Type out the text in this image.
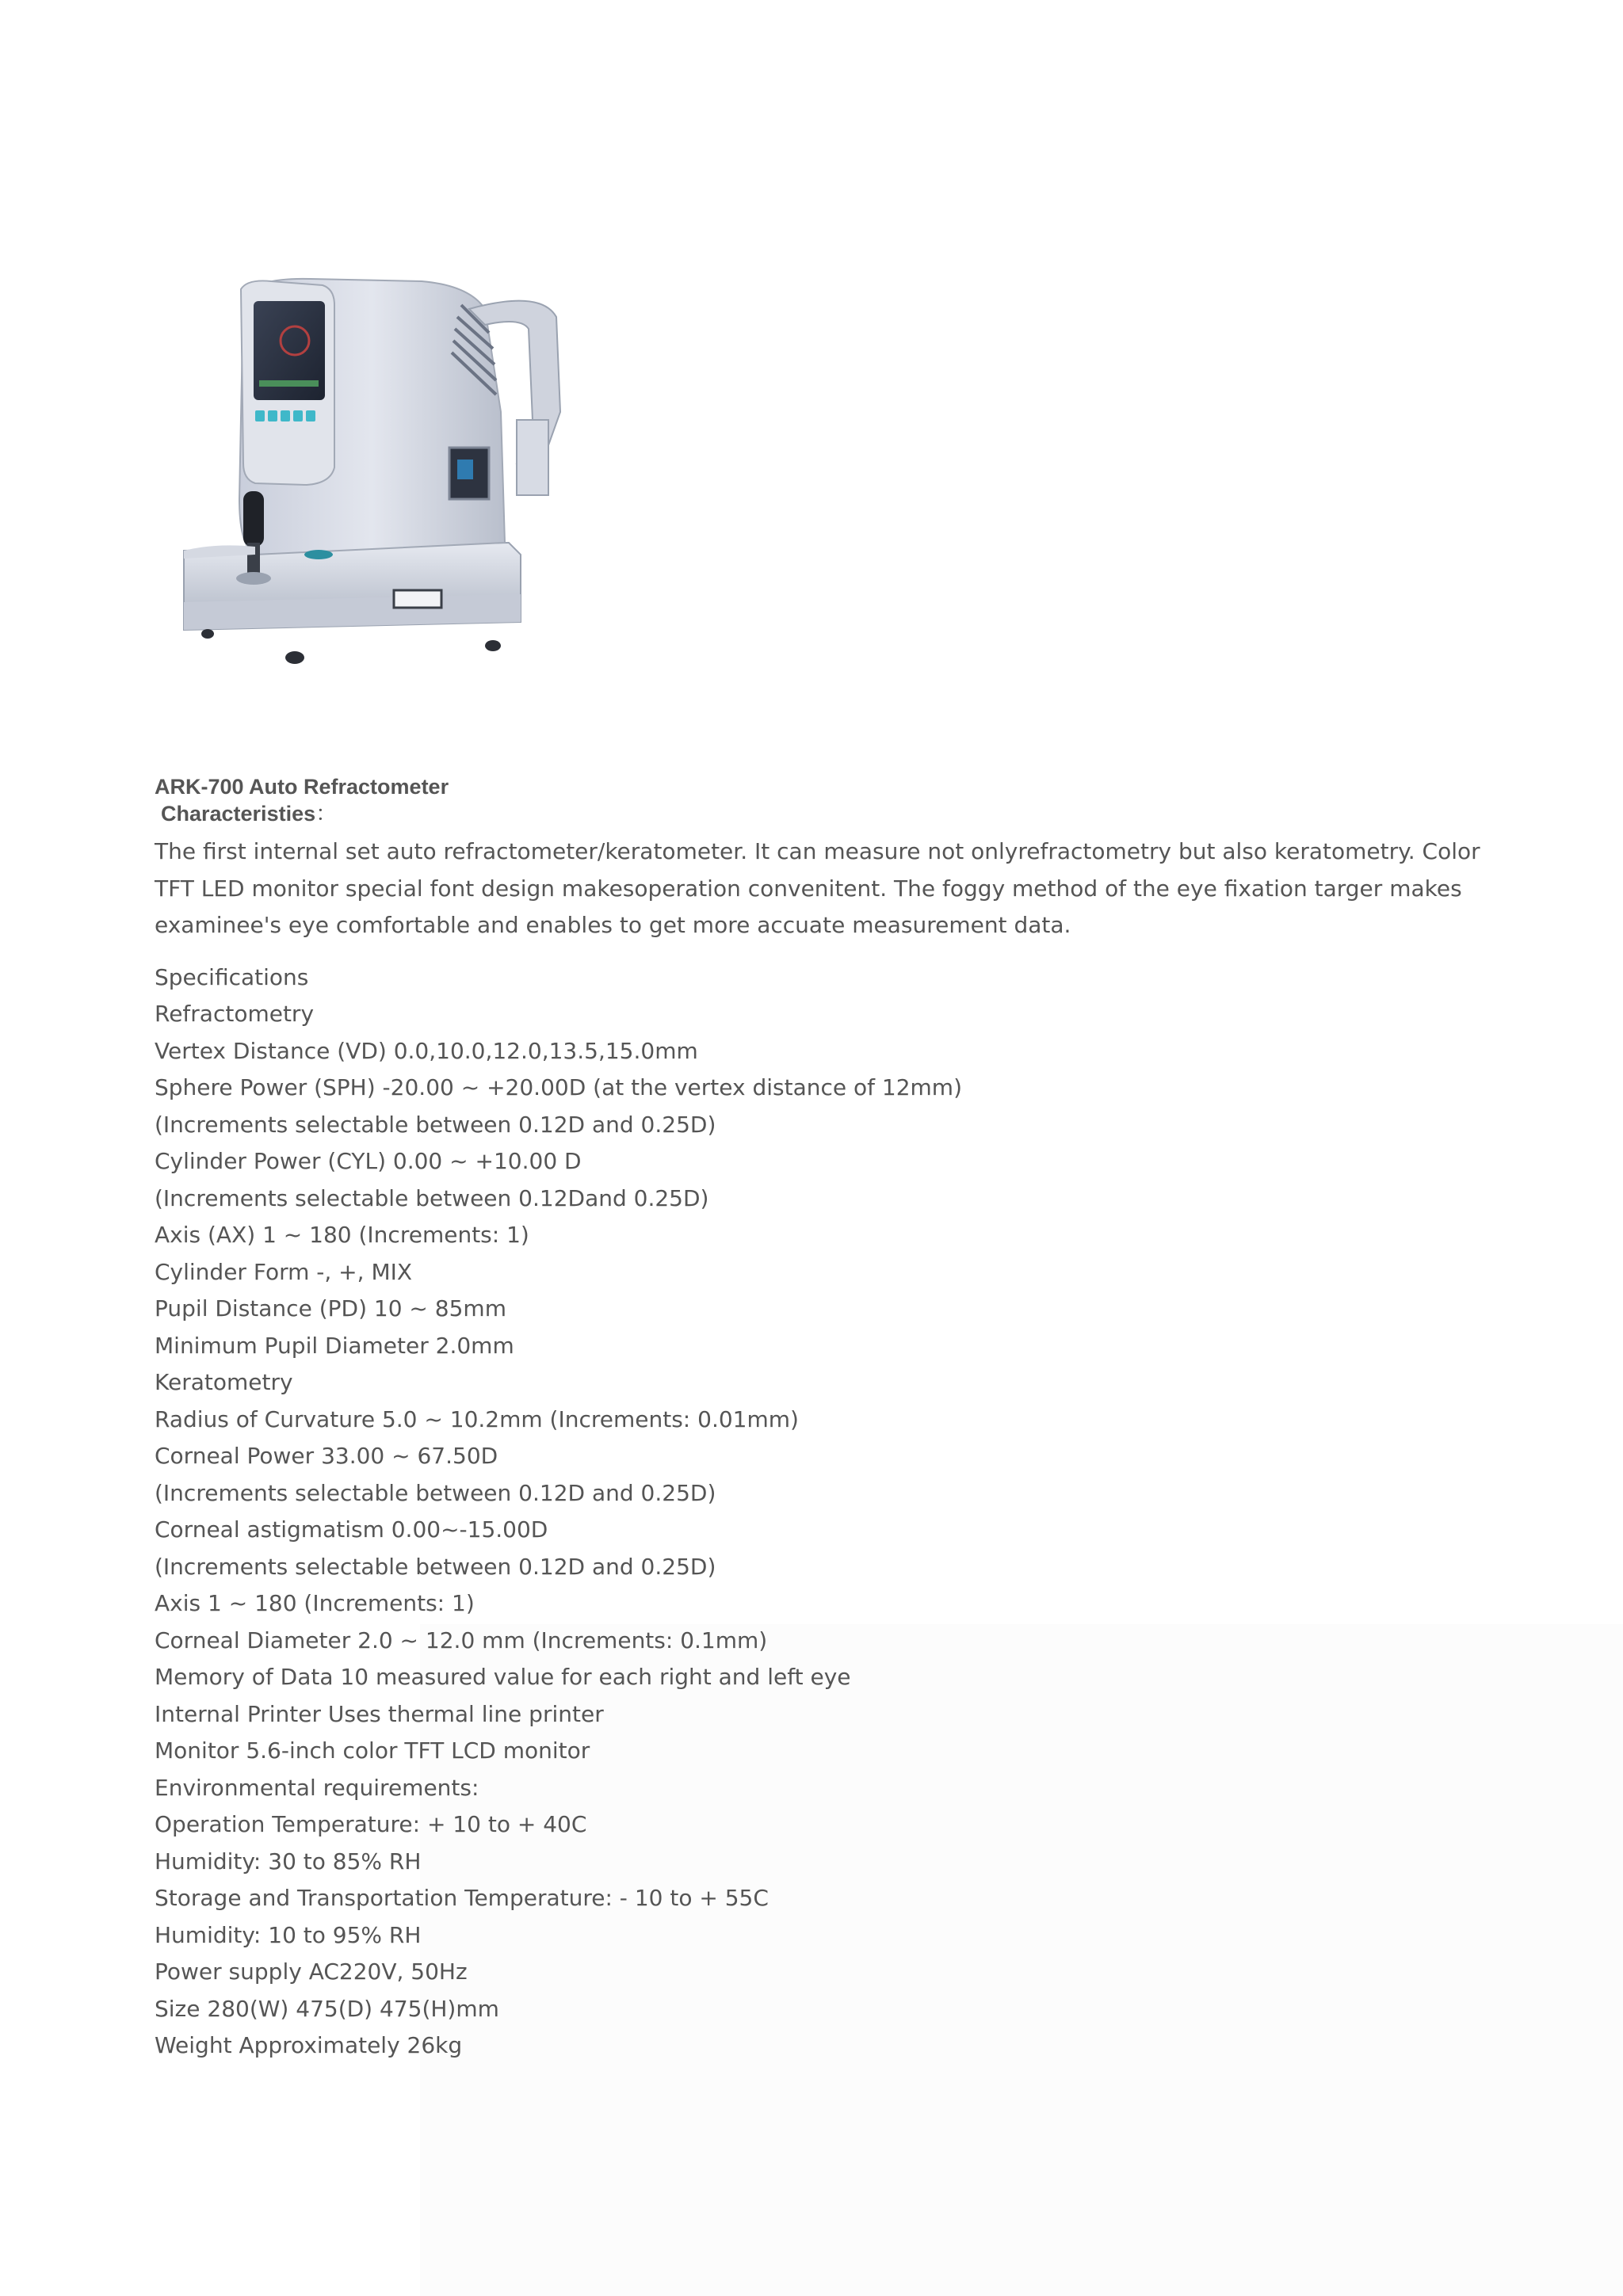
ARK-700 Auto Refractometer

Characteristies：

The first internal set auto refractometer/keratometer. It can measure not onlyrefractometry but also keratometry. Color TFT LED monitor special font design makesoperation convenitent. The foggy method of the eye fixation targer makes examinee's eye comfortable and enables to get more accuate measurement data.

Specifications
Refractometry
Vertex Distance (VD) 0.0,10.0,12.0,13.5,15.0mm
Sphere Power (SPH) -20.00 ~ +20.00D (at the vertex distance of 12mm)
(Increments selectable between 0.12D and 0.25D)
Cylinder Power (CYL) 0.00 ~ +10.00 D
(Increments selectable between 0.12Dand 0.25D)
Axis (AX) 1 ~ 180 (Increments: 1)
Cylinder Form -, +, MIX
Pupil Distance (PD) 10 ~ 85mm
Minimum Pupil Diameter 2.0mm
Keratometry
Radius of Curvature 5.0 ~ 10.2mm (Increments: 0.01mm)
Corneal Power 33.00 ~ 67.50D
(Increments selectable between 0.12D and 0.25D)
Corneal astigmatism 0.00~-15.00D
(Increments selectable between 0.12D and 0.25D)
Axis 1 ~ 180 (Increments: 1)
Corneal Diameter 2.0 ~ 12.0 mm (Increments: 0.1mm)
Memory of Data 10 measured value for each right and left eye
Internal Printer Uses thermal line printer
Monitor 5.6-inch color TFT LCD monitor
Environmental requirements:
Operation Temperature: + 10 to + 40C
Humidity: 30 to 85% RH
Storage and Transportation Temperature: - 10 to + 55C
Humidity: 10 to 95% RH
Power supply AC220V, 50Hz
Size 280(W) 475(D) 475(H)mm
Weight Approximately 26kg
